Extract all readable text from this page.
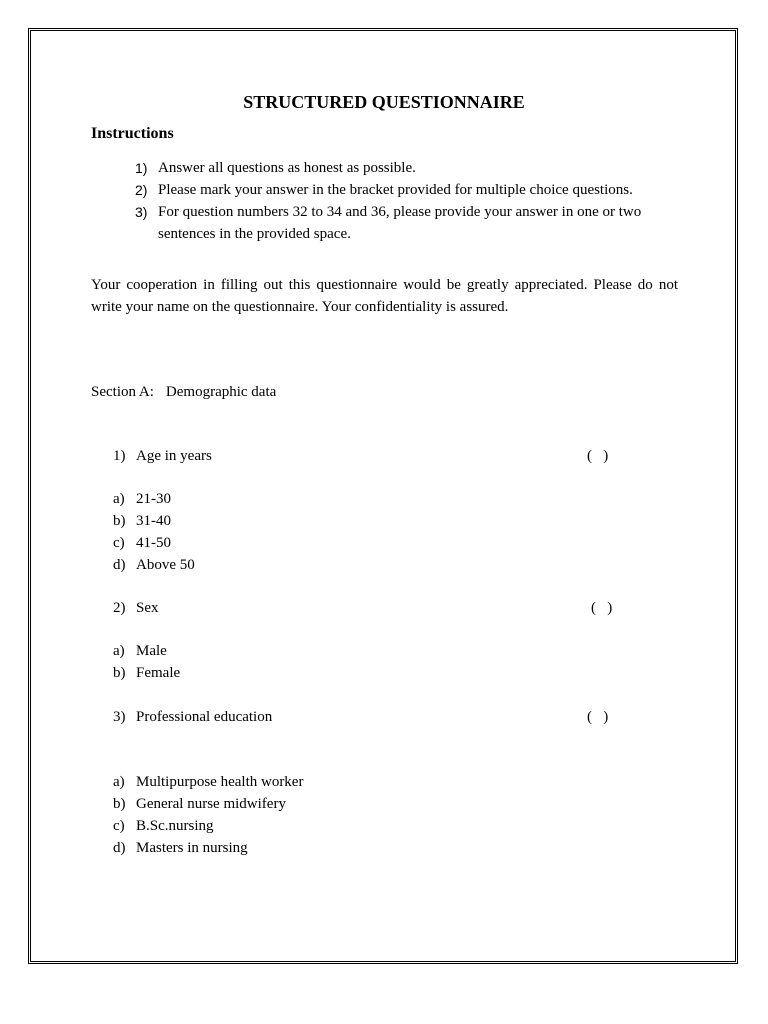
STRUCTURED QUESTIONNAIRE
Instructions
1) Answer all questions as honest as possible.
2) Please mark your answer in the bracket provided for multiple choice questions.
3) For question numbers 32 to 34 and 36, please provide your answer in one or two sentences in the provided space.

Your cooperation in filling out this questionnaire would be greatly appreciated. Please do not write your name on the questionnaire. Your confidentiality is assured.

Section A: Demographic data

1) Age in years	(   )
a) 21-30
b) 31-40
c) 41-50
d) Above 50

2) Sex	(   )
a) Male
b) Female

3) Professional education	(   )
a) Multipurpose health worker
b) General nurse midwifery
c) B.Sc.nursing
d) Masters in nursing
